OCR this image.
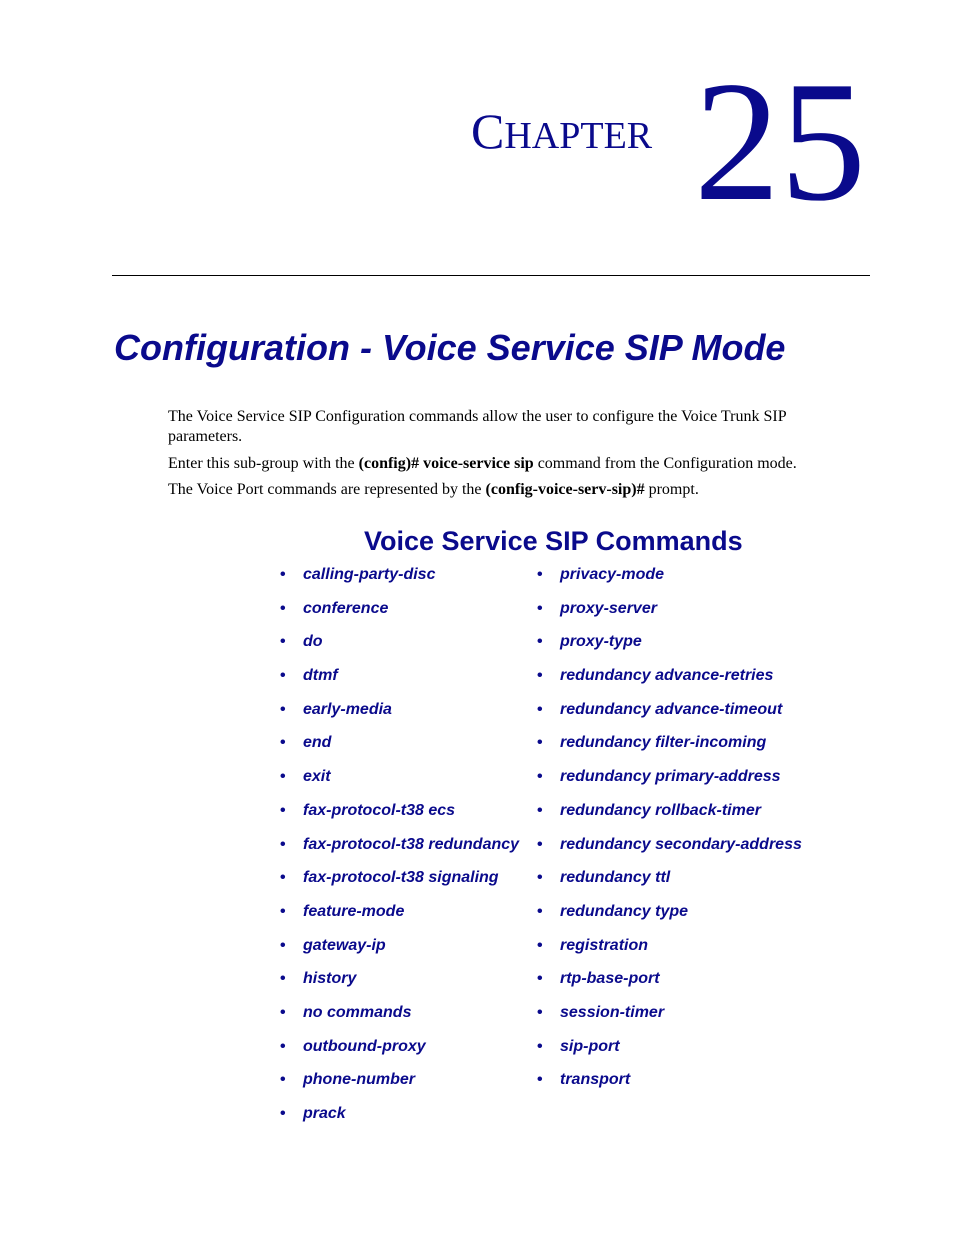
CHAPTER 25
Configuration - Voice Service SIP Mode

The Voice Service SIP Configuration commands allow the user to configure the Voice Trunk SIP parameters.

Enter this sub-group with the (config)# voice-service sip command from the Configuration mode.

The Voice Port commands are represented by the (config-voice-serv-sip)# prompt.

Voice Service SIP Commands
• calling-party-disc
• conference
• do
• dtmf
• early-media
• end
• exit
• fax-protocol-t38 ecs
• fax-protocol-t38 redundancy
• fax-protocol-t38 signaling
• feature-mode
• gateway-ip
• history
• no commands
• outbound-proxy
• phone-number
• prack
• privacy-mode
• proxy-server
• proxy-type
• redundancy advance-retries
• redundancy advance-timeout
• redundancy filter-incoming
• redundancy primary-address
• redundancy rollback-timer
• redundancy secondary-address
• redundancy ttl
• redundancy type
• registration
• rtp-base-port
• session-timer
• sip-port
• transport
